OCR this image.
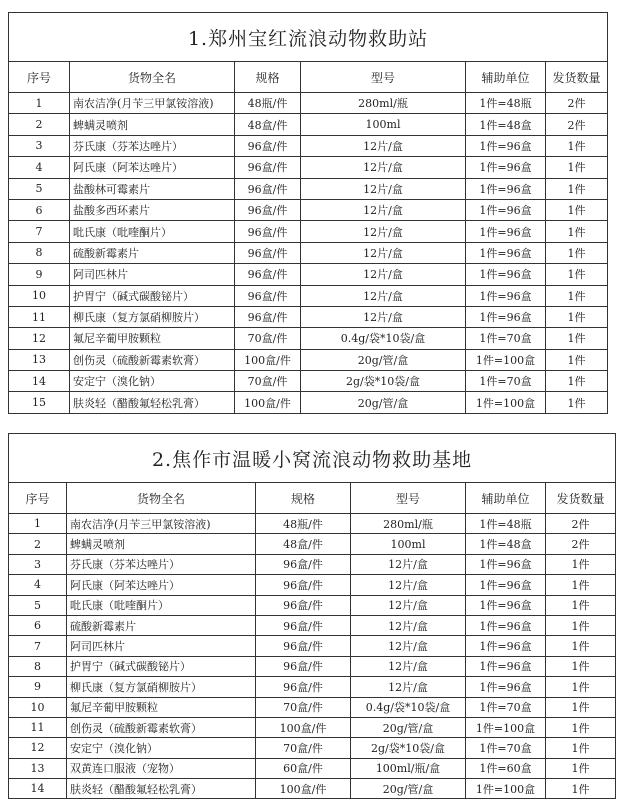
1.郑州宝红流浪动物救助站					
序号	货物全名	规格	型号	辅助单位	发货数量
1	南农洁净(月苄三甲氯铵溶液)	48瓶/件	280ml/瓶	1件=48瓶	2件
2	蜱螨灵喷剂	48盒/件	100ml	1件=48盒	2件
3	芬氏康（芬苯达唑片）	96盒/件	12片/盒	1件=96盒	1件
4	阿氏康（阿苯达唑片）	96盒/件	12片/盒	1件=96盒	1件
5	盐酸林可霉素片	96盒/件	12片/盒	1件=96盒	1件
6	盐酸多西环素片	96盒/件	12片/盒	1件=96盒	1件
7	吡氏康（吡喹酮片）	96盒/件	12片/盒	1件=96盒	1件
8	硫酸新霉素片	96盒/件	12片/盒	1件=96盒	1件
9	阿司匹林片	96盒/件	12片/盒	1件=96盒	1件
10	护胃宁（碱式碳酸铋片）	96盒/件	12片/盒	1件=96盒	1件
11	柳氏康（复方氯硝柳胺片）	96盒/件	12片/盒	1件=96盒	1件
12	氟尼辛葡甲胺颗粒	70盒/件	0.4g/袋*10袋/盒	1件=70盒	1件
13	创伤灵（硫酸新霉素软膏）	100盒/件	20g/管/盒	1件=100盒	1件
14	安定宁（溴化钠）	70盒/件	2g/袋*10袋/盒	1件=70盒	1件
15	肤炎轻（醋酸氟轻松乳膏）	100盒/件	20g/管/盒	1件=100盒	1件
2.焦作市温暖小窝流浪动物救助基地					
序号	货物全名	规格	型号	辅助单位	发货数量
1	南农洁净(月苄三甲氯铵溶液)	48瓶/件	280ml/瓶	1件=48瓶	2件
2	蜱螨灵喷剂	48盒/件	100ml	1件=48盒	2件
3	芬氏康（芬苯达唑片）	96盒/件	12片/盒	1件=96盒	1件
4	阿氏康（阿苯达唑片）	96盒/件	12片/盒	1件=96盒	1件
5	吡氏康（吡喹酮片）	96盒/件	12片/盒	1件=96盒	1件
6	硫酸新霉素片	96盒/件	12片/盒	1件=96盒	1件
7	阿司匹林片	96盒/件	12片/盒	1件=96盒	1件
8	护胃宁（碱式碳酸铋片）	96盒/件	12片/盒	1件=96盒	1件
9	柳氏康（复方氯硝柳胺片）	96盒/件	12片/盒	1件=96盒	1件
10	氟尼辛葡甲胺颗粒	70盒/件	0.4g/袋*10袋/盒	1件=70盒	1件
11	创伤灵（硫酸新霉素软膏）	100盒/件	20g/管/盒	1件=100盒	1件
12	安定宁（溴化钠）	70盒/件	2g/袋*10袋/盒	1件=70盒	1件
13	双黄连口服液（宠物）	60盒/件	100ml/瓶/盒	1件=60盒	1件
14	肤炎轻（醋酸氟轻松乳膏）	100盒/件	20g/管/盒	1件=100盒	1件
